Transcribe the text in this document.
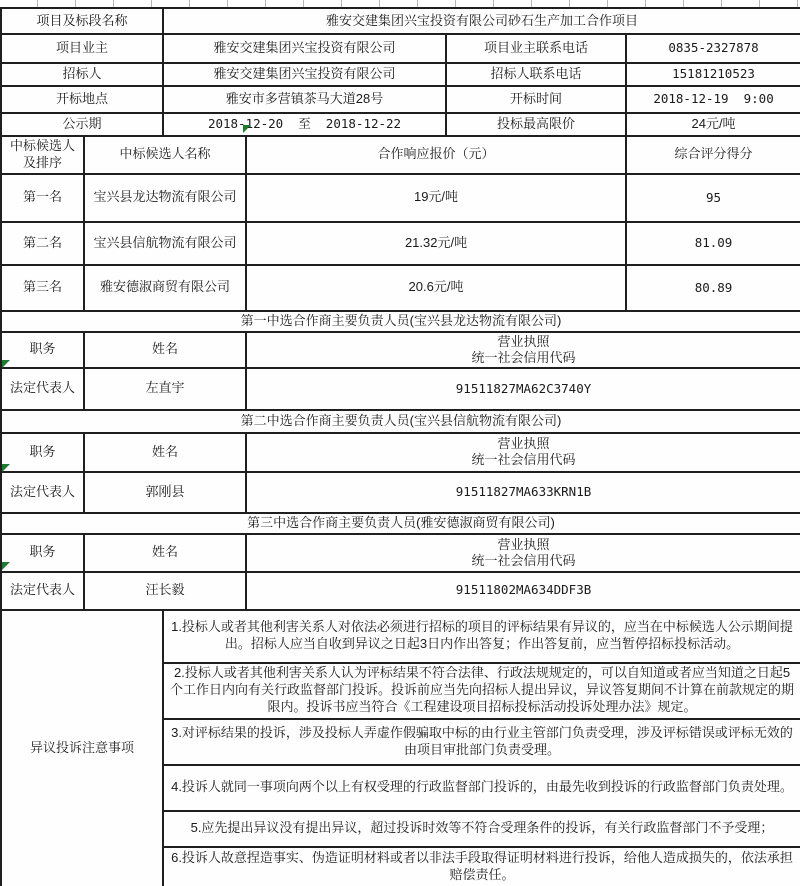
项目及标段名称		雅安交建集团兴宝投资有限公司砂石生产加工合作项目			
项目业主		雅安交建集团兴宝投资有限公司		项目业主联系电话	0835-2327878
招标人		雅安交建集团兴宝投资有限公司		招标人联系电话	15181210523
开标地点		雅安市多营镇茶马大道28号		开标时间	2018-12-19  9:00
公示期		2018-12-20  至  2018-12-22		投标最高限价	24元/吨
中标候选人及排序	中标候选人名称		合作响应报价（元）		综合评分得分
第一名	宝兴县龙达物流有限公司		19元/吨		95
第二名	宝兴县信航物流有限公司		21.32元/吨		81.09
第三名	雅安德淑商贸有限公司		20.6元/吨		80.89
第一中选合作商主要负责人员(宝兴县龙达物流有限公司)					
职务	姓名		营业执照
统一社会信用代码		

法定代表人	左直宇		91511827MA62C3740Y		
第二中选合作商主要负责人员(宝兴县信航物流有限公司)					
职务	姓名		营业执照
统一社会信用代码		

法定代表人	郭刚县		91511827MA633KRN1B		
第三中选合作商主要负责人员(雅安德淑商贸有限公司)					
职务	姓名		营业执照
统一社会信用代码		

法定代表人	汪长毅		91511802MA634DDF3B		
异议投诉注意事项		1.投标人或者其他利害关系人对依法必须进行招标的项目的评标结果有异议的，应当在中标候选人公示期间提出。招标人应当自收到异议之日起3日内作出答复；作出答复前，应当暂停招标投标活动。			
		2.投标人或者其他利害关系人认为评标结果不符合法律、行政法规规定的，可以自知道或者应当知道之日起5个工作日内向有关行政监督部门投诉。投诉前应当先向招标人提出异议，异议答复期间不计算在前款规定的期限内。投诉书应当符合《工程建设项目招标投标活动投诉处理办法》规定。			
		3.对评标结果的投诉，涉及投标人弄虚作假骗取中标的由行业主管部门负责受理，涉及评标错误或评标无效的由项目审批部门负责受理。			
		4.投诉人就同一事项向两个以上有权受理的行政监督部门投诉的，由最先收到投诉的行政监督部门负责处理。			
		5.应先提出异议没有提出异议，超过投诉时效等不符合受理条件的投诉，有关行政监督部门不予受理；			
		6.投诉人故意捏造事实、伪造证明材料或者以非法手段取得证明材料进行投诉，给他人造成损失的，依法承担赔偿责任。			
